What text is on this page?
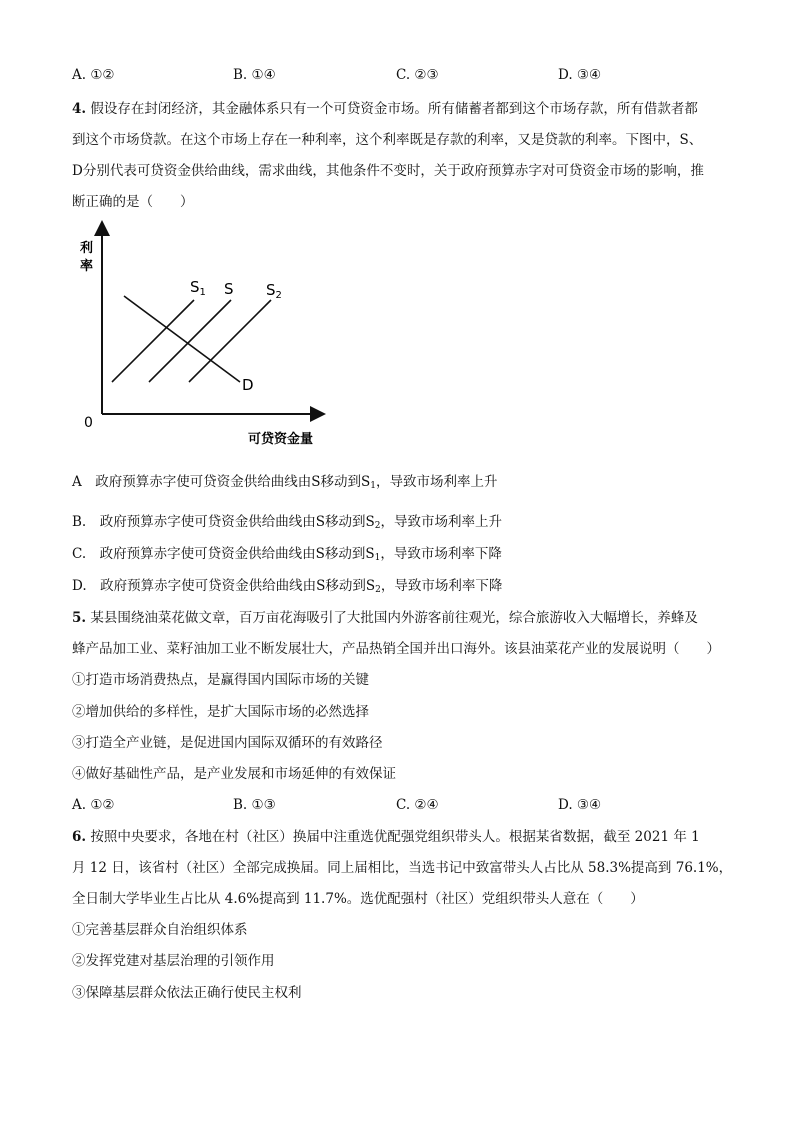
A. ①②	B. ①④	C. ②③	D. ③④
4. 假设存在封闭经济，其金融体系只有一个可贷资金市场。所有储蓄者都到这个市场存款，所有借款者都
到这个市场贷款。在这个市场上存在一种利率，这个利率既是存款的利率，又是贷款的利率。下图中，S、
D分别代表可贷资金供给曲线，需求曲线，其他条件不变时，关于政府预算赤字对可贷资金市场的影响，推
断正确的是（　　）
利
率
0
可贷资金量
$S_1$ S $S_2$
D
A　政府预算赤字使可贷资金供给曲线由S移动到$S_1$，导致市场利率上升
B.　政府预算赤字使可贷资金供给曲线由S移动到$S_2$，导致市场利率上升
C.　政府预算赤字使可贷资金供给曲线由S移动到$S_1$，导致市场利率下降
D.　政府预算赤字使可贷资金供给曲线由S移动到$S_2$，导致市场利率下降
5. 某县围绕油菜花做文章，百万亩花海吸引了大批国内外游客前往观光，综合旅游收入大幅增长，养蜂及
蜂产品加工业、菜籽油加工业不断发展壮大，产品热销全国并出口海外。该县油菜花产业的发展说明（　　）
①打造市场消费热点，是赢得国内国际市场的关键
②增加供给的多样性，是扩大国际市场的必然选择
③打造全产业链，是促进国内国际双循环的有效路径
④做好基础性产品，是产业发展和市场延伸的有效保证
A. ①②	B. ①③	C. ②④	D. ③④
6. 按照中央要求，各地在村（社区）换届中注重选优配强党组织带头人。根据某省数据，截至 2021 年 1
月 12 日，该省村（社区）全部完成换届。同上届相比，当选书记中致富带头人占比从 58.3%提高到 76.1%，
全日制大学毕业生占比从 4.6%提高到 11.7%。选优配强村（社区）党组织带头人意在（　　）
①完善基层群众自治组织体系
②发挥党建对基层治理的引领作用
③保障基层群众依法正确行使民主权利
